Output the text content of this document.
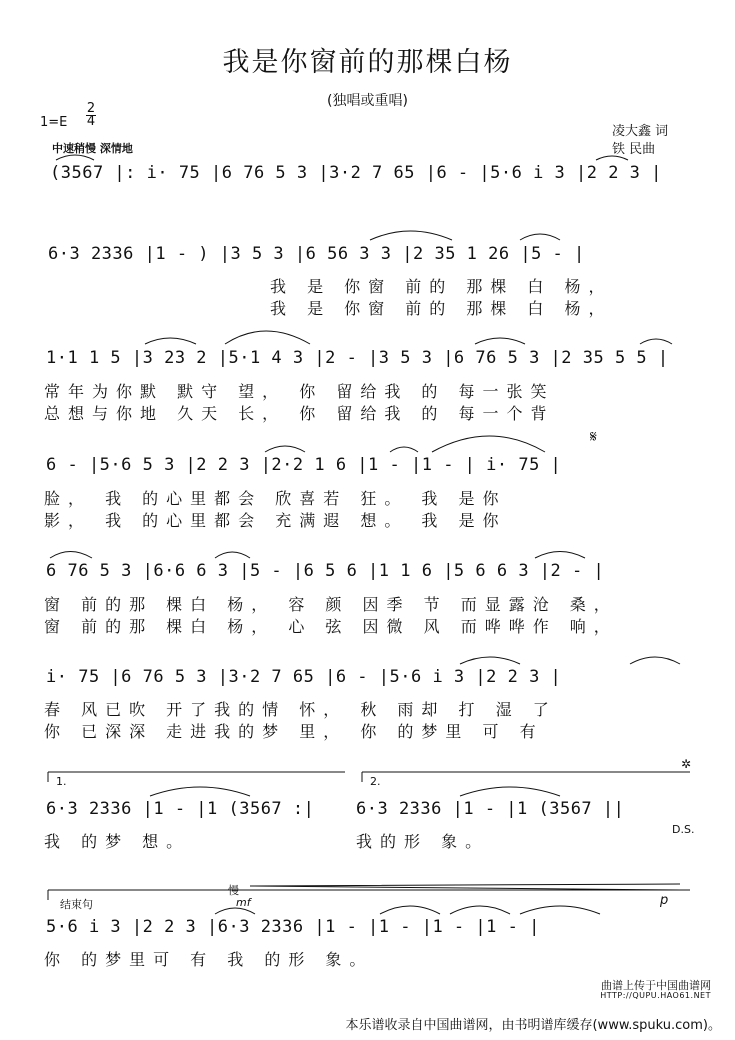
我是你窗前的那棵白杨
(独唱或重唱)
1=E
2
4
中速稍慢 深情地
凌大鑫 词
铁 民曲
(3567 |: i· 75 |6 76 5 3 |3·2 7 65 |6 - |5·6 i 3 |2 2 3 |
6·3 2336 |1 - ) |3 5 3 |6 56 3 3 |2 35 1 26 |5 - |
我 是 你窗 前的 那棵 白 杨，
我 是 你窗 前的 那棵 白 杨，
1·1 1 5 |3 23 2 |5·1 4 3 |2 - |3 5 3 |6 76 5 3 |2 35 5 5 |
常年为你默 默守 望， 你 留给我 的 每一张笑
总想与你地 久天 长， 你 留给我 的 每一个背
6 - |5·6 5 3 |2 2 3 |2·2 1 6 |1 - |1 - | i· 75 |
脸， 我 的心里都会 欣喜若 狂。 我 是你
影， 我 的心里都会 充满遐 想。 我 是你
6 76 5 3 |6·6 6 3 |5 - |6 5 6 |1 1 6 |5 6 6 3 |2 - |
窗 前的那 棵白 杨， 容 颜 因季 节 而显露沧 桑，
窗 前的那 棵白 杨， 心 弦 因微 风 而哗哗作 响，
i· 75 |6 76 5 3 |3·2 7 65 |6 - |5·6 i 3 |2 2 3 |
春 风已吹 开了我的情 怀， 秋 雨却 打 湿 了
你 已深深 走进我的梦 里， 你 的梦里 可 有
1.	2.
6·3 2336 |1 - |1 (3567 :| 6·3 2336 |1 - |1 (3567 ||
我 的梦 想。	我的形 象。
D.S.
结束句
慢
mf	p
5·6 i 3 |2 2 3 |6·3 2336 |1 - |1 - |1 - |1 - |
你 的梦里可 有 我 的形 象。
曲谱上传于中国曲谱网
HTTP://QUPU.HAO61.NET
本乐谱收录自中国曲谱网，由书明谱库缓存(www.spuku.com)。
𝄋
✲
